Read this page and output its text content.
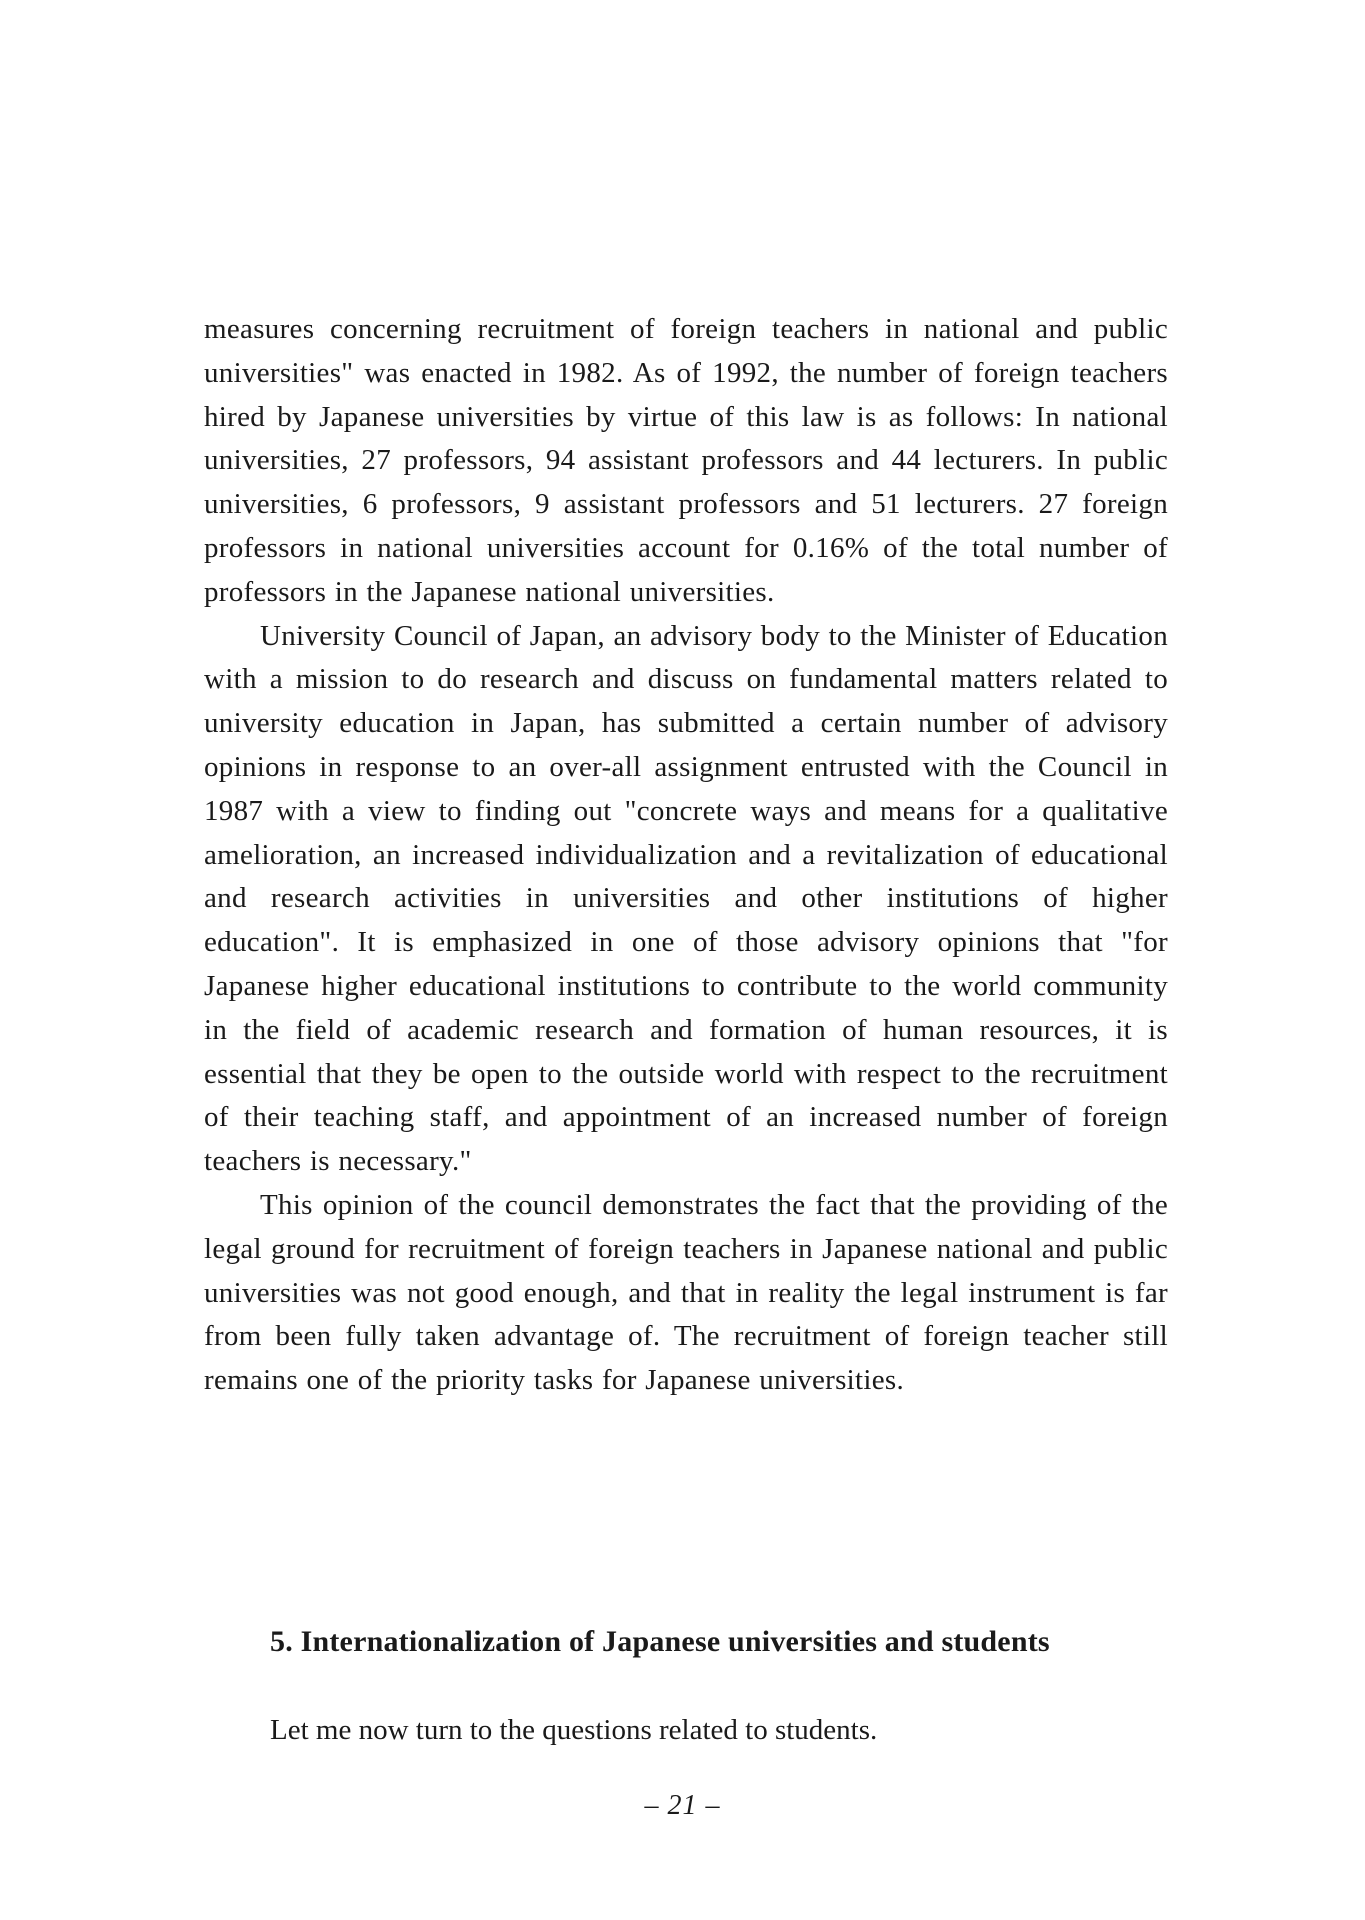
measures concerning recruitment of foreign teachers in national and public universities" was enacted in 1982. As of 1992, the number of foreign teachers hired by Japanese universities by virtue of this law is as follows: In national universities, 27 professors, 94 assistant professors and 44 lecturers. In public universities, 6 professors, 9 assistant professors and 51 lecturers. 27 foreign professors in national universities account for 0.16% of the total number of professors in the Japanese national universities.

University Council of Japan, an advisory body to the Minister of Education with a mission to do research and discuss on fundamental matters related to university education in Japan, has submitted a certain number of advisory opinions in response to an over-all assignment entrusted with the Council in 1987 with a view to finding out "concrete ways and means for a qualitative amelioration, an increased individualization and a revitalization of educational and research activities in universities and other institutions of higher education". It is emphasized in one of those advisory opinions that "for Japanese higher educational institutions to contribute to the world community in the field of academic research and formation of human resources, it is essential that they be open to the outside world with respect to the recruitment of their teaching staff, and appointment of an increased number of foreign teachers is necessary."

This opinion of the council demonstrates the fact that the providing of the legal ground for recruitment of foreign teachers in Japanese national and public universities was not good enough, and that in reality the legal instrument is far from been fully taken advantage of. The recruitment of foreign teacher still remains one of the priority tasks for Japanese universities.

5. Internationalization of Japanese universities and students

Let me now turn to the questions related to students.

– 21 –
